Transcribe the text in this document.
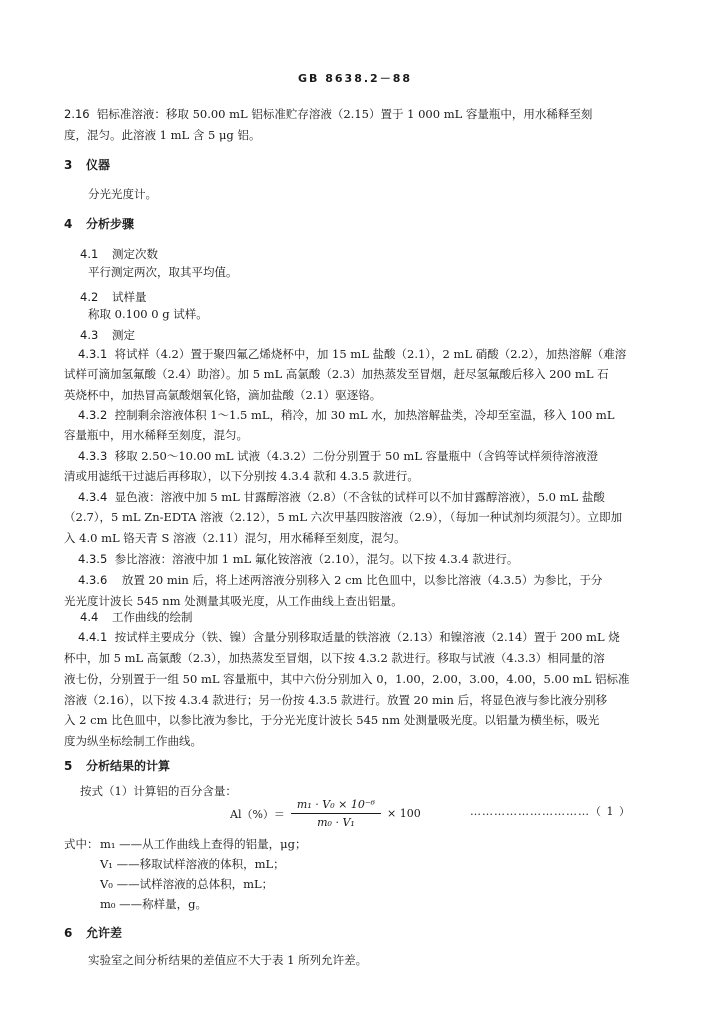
GB 8638.2－88
2.16 铝标准溶液：移取 50.00 mL 铝标准贮存溶液（2.15）置于 1 000 mL 容量瓶中，用水稀释至刻
度，混匀。此溶液 1 mL 含 5 μg 铝。
3 仪器
分光光度计。
4 分析步骤
4.1 测定次数
平行测定两次，取其平均值。
4.2 试样量
称取 0.100 0 g 试样。
4.3 测定
4.3.1 将试样（4.2）置于聚四氟乙烯烧杯中，加 15 mL 盐酸（2.1），2 mL 硝酸（2.2），加热溶解（难溶
试样可滴加氢氟酸（2.4）助溶）。加 5 mL 高氯酸（2.3）加热蒸发至冒烟，赶尽氢氟酸后移入 200 mL 石
英烧杯中，加热冒高氯酸烟氧化铬，滴加盐酸（2.1）驱逐铬。
4.3.2 控制剩余溶液体积 1～1.5 mL，稍冷，加 30 mL 水，加热溶解盐类，冷却至室温，移入 100 mL
容量瓶中，用水稀释至刻度，混匀。
4.3.3 移取 2.50～10.00 mL 试液（4.3.2）二份分别置于 50 mL 容量瓶中（含钨等试样须待溶液澄
清或用滤纸干过滤后再移取），以下分别按 4.3.4 款和 4.3.5 款进行。
4.3.4 显色液：溶液中加 5 mL 甘露醇溶液（2.8）（不含钛的试样可以不加甘露醇溶液），5.0 mL 盐酸
（2.7），5 mL Zn-EDTA 溶液（2.12），5 mL 六次甲基四胺溶液（2.9），（每加一种试剂均须混匀）。立即加
入 4.0 mL 铬天青 S 溶液（2.11）混匀，用水稀释至刻度，混匀。
4.3.5 参比溶液：溶液中加 1 mL 氟化铵溶液（2.10），混匀。以下按 4.3.4 款进行。
4.3.6 放置 20 min 后，将上述两溶液分别移入 2 cm 比色皿中，以参比溶液（4.3.5）为参比，于分
光光度计波长 545 nm 处测量其吸光度，从工作曲线上查出铝量。
4.4 工作曲线的绘制
4.4.1 按试样主要成分（铁、镍）含量分别移取适量的铁溶液（2.13）和镍溶液（2.14）置于 200 mL 烧
杯中，加 5 mL 高氯酸（2.3），加热蒸发至冒烟，以下按 4.3.2 款进行。移取与试液（4.3.3）相同量的溶
液七份，分别置于一组 50 mL 容量瓶中，其中六份分别加入 0，1.00，2.00，3.00，4.00，5.00 mL 铝标准
溶液（2.16），以下按 4.3.4 款进行；另一份按 4.3.5 款进行。放置 20 min 后，将显色液与参比液分别移
入 2 cm 比色皿中，以参比液为参比，于分光光度计波长 545 nm 处测量吸光度。以铝量为横坐标，吸光
度为纵坐标绘制工作曲线。
5 分析结果的计算
按式（1）计算铝的百分含量：
$Al(\%)= \frac{\text{m₁ · V₀ × 10⁻⁶}}{\text{m₀ · V₁}} \times 100$	…………………………（ 1 ）
式中： m₁ ——从工作曲线上查得的铝量，μg；
V₁ ——移取试样溶液的体积，mL；
V₀ ——试样溶液的总体积，mL；
m₀ ——称样量，g。
6 允许差
实验室之间分析结果的差值应不大于表 1 所列允许差。
